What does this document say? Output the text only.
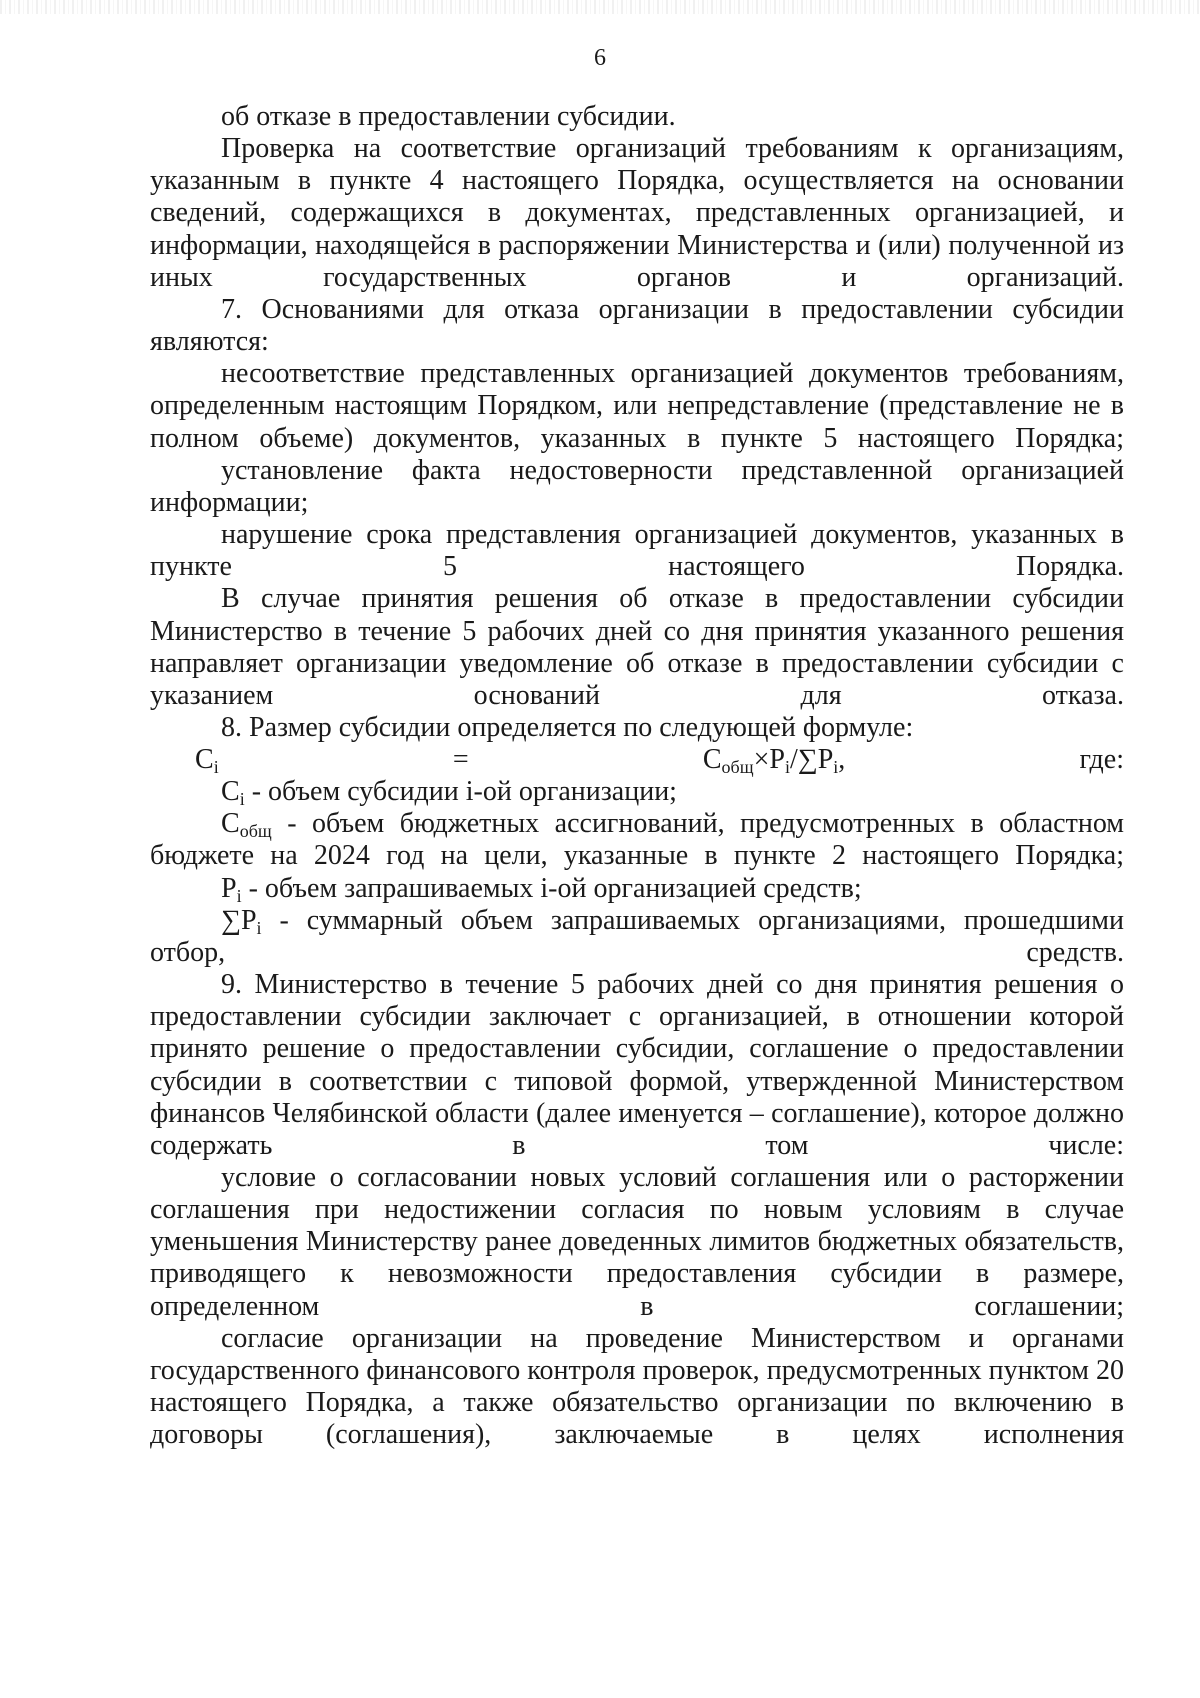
6

об отказе в предоставлении субсидии.

Проверка на соответствие организаций требованиям к организациям, указанным в пункте 4 настоящего Порядка, осуществляется на основании сведений, содержащихся в документах, представленных организацией, и информации, находящейся в распоряжении Министерства и (или) полученной из иных государственных органов и организаций.

7. Основаниями для отказа организации в предоставлении субсидии являются:

несоответствие представленных организацией документов требованиям, определенным настоящим Порядком, или непредставление (представление не в полном объеме) документов, указанных в пункте 5 настоящего Порядка;

установление факта недостоверности представленной организацией информации;

нарушение срока представления организацией документов, указанных в пункте 5 настоящего Порядка.

В случае принятия решения об отказе в предоставлении субсидии Министерство в течение 5 рабочих дней со дня принятия указанного решения направляет организации уведомление об отказе в предоставлении субсидии с указанием оснований для отказа.

8. Размер субсидии определяется по следующей формуле:

$C_i = C_{общ}\times P_i/\sum P_i$, где:

$C_i$ - объем субсидии i-ой организации;

$C_{общ}$ - объем бюджетных ассигнований, предусмотренных в областном бюджете на 2024 год на цели, указанные в пункте 2 настоящего Порядка;

$P_i$ - объем запрашиваемых i-ой организацией средств;

$\sum P_i$ - суммарный объем запрашиваемых организациями, прошедшими отбор, средств.

9. Министерство в течение 5 рабочих дней со дня принятия решения о предоставлении субсидии заключает с организацией, в отношении которой принято решение о предоставлении субсидии, соглашение о предоставлении субсидии в соответствии с типовой формой, утвержденной Министерством финансов Челябинской области (далее именуется – соглашение), которое должно содержать в том числе:

условие о согласовании новых условий соглашения или о расторжении соглашения при недостижении согласия по новым условиям в случае уменьшения Министерству ранее доведенных лимитов бюджетных обязательств, приводящего к невозможности предоставления субсидии в размере, определенном в соглашении;

согласие организации на проведение Министерством и органами государственного финансового контроля проверок, предусмотренных пунктом 20 настоящего Порядка, а также обязательство организации по включению в договоры (соглашения), заключаемые в целях исполнения
